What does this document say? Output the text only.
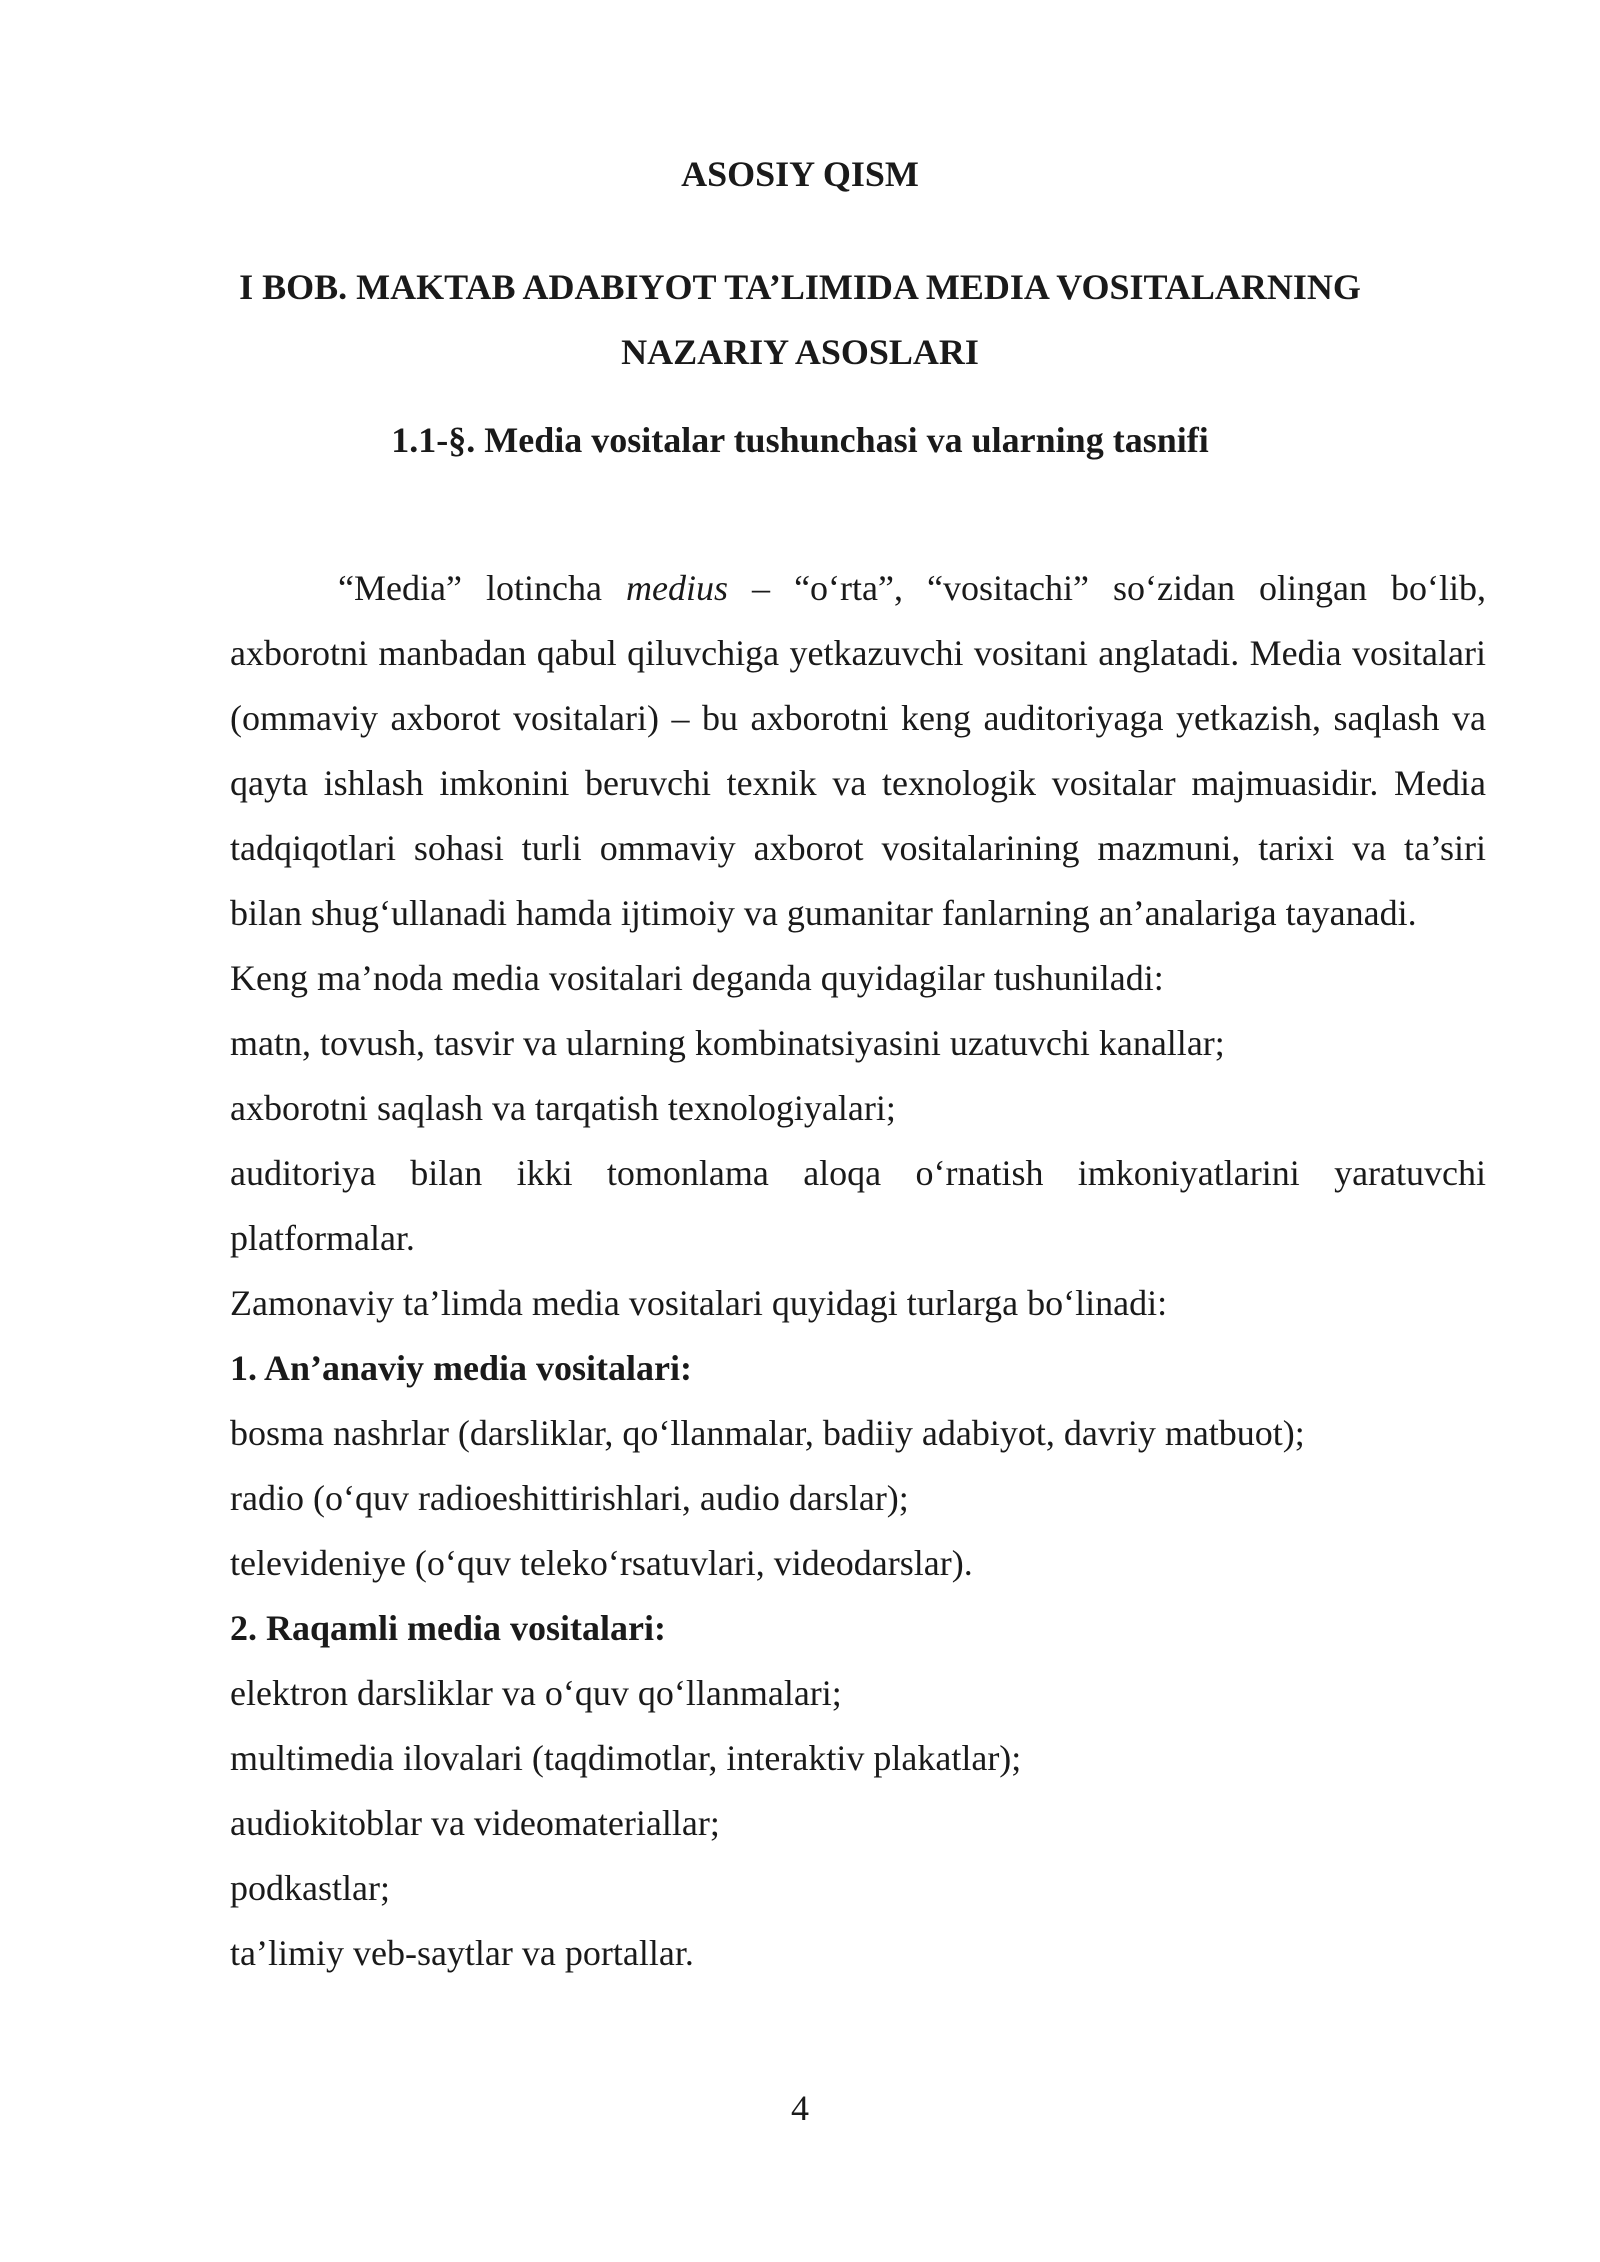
ASOSIY QISM
I BOB. MAKTAB ADABIYOT TA’LIMIDA MEDIA VOSITALARNING
NAZARIY ASOSLARI
1.1-§. Media vositalar tushunchasi va ularning tasnifi

“Media” lotincha medius – “o‘rta”, “vositachi” so‘zidan olingan bo‘lib, axborotni manbadan qabul qiluvchiga yetkazuvchi vositani anglatadi. Media vositalari (ommaviy axborot vositalari) – bu axborotni keng auditoriyaga yetkazish, saqlash va qayta ishlash imkonini beruvchi texnik va texnologik vositalar majmuasidir. Media tadqiqotlari sohasi turli ommaviy axborot vositalarining mazmuni, tarixi va ta’siri bilan shug‘ullanadi hamda ijtimoiy va gumanitar fanlarning an’analariga tayanadi.

Keng ma’noda media vositalari deganda quyidagilar tushuniladi:

matn, tovush, tasvir va ularning kombinatsiyasini uzatuvchi kanallar;

axborotni saqlash va tarqatish texnologiyalari;

auditoriya bilan ikki tomonlama aloqa o‘rnatish imkoniyatlarini yaratuvchi platformalar.

Zamonaviy ta’limda media vositalari quyidagi turlarga bo‘linadi:

1. An’anaviy media vositalari:

bosma nashrlar (darsliklar, qo‘llanmalar, badiiy adabiyot, davriy matbuot);

radio (o‘quv radioeshittirishlari, audio darslar);

televideniye (o‘quv teleko‘rsatuvlari, videodarslar).

2. Raqamli media vositalari:

elektron darsliklar va o‘quv qo‘llanmalari;

multimedia ilovalari (taqdimotlar, interaktiv plakatlar);

audiokitoblar va videomateriallar;

podkastlar;

ta’limiy veb-saytlar va portallar.

4
